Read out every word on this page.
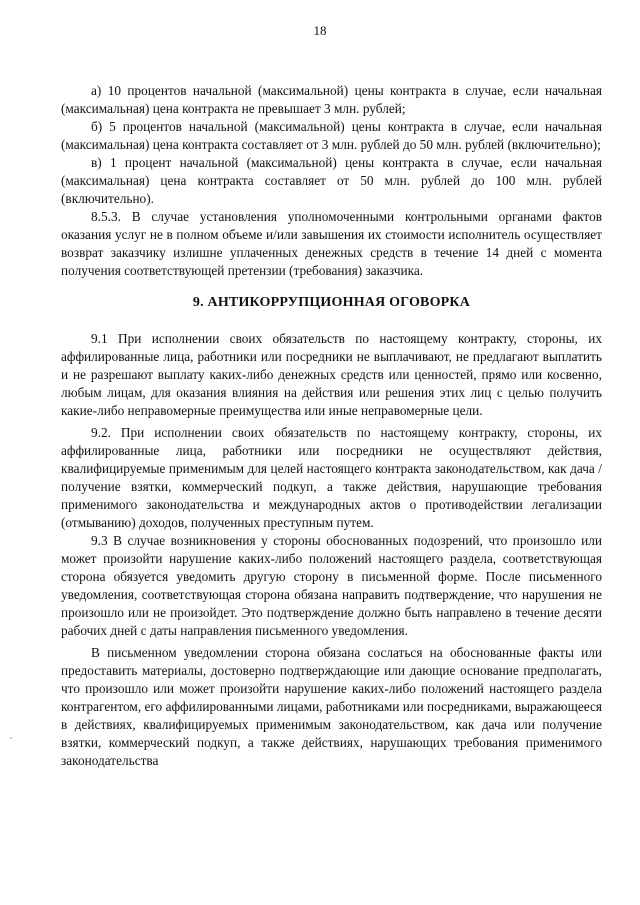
18

а) 10 процентов начальной (максимальной) цены контракта в случае, если начальная (максимальная) цена контракта не превышает 3 млн. рублей;

б) 5 процентов начальной (максимальной) цены контракта в случае, если начальная (максимальная) цена контракта составляет от 3 млн. рублей до 50 млн. рублей (включительно);

в) 1 процент начальной (максимальной) цены контракта в случае, если начальная (максимальная) цена контракта составляет от 50 млн. рублей до 100 млн. рублей (включительно).

8.5.3. В случае установления уполномоченными контрольными органами фактов оказания услуг не в полном объеме и/или завышения их стоимости исполнитель осуществляет возврат заказчику излишне уплаченных денежных средств в течение 14 дней с момента получения соответствующей претензии (требования) заказчика.

9. АНТИКОРРУПЦИОННАЯ ОГОВОРКА

9.1 При исполнении своих обязательств по настоящему контракту, стороны, их аффилированные лица, работники или посредники не выплачивают, не предлагают выплатить и не разрешают выплату каких-либо денежных средств или ценностей, прямо или косвенно, любым лицам, для оказания влияния на действия или решения этих лиц с целью получить какие-либо неправомерные преимущества или иные неправомерные цели.

9.2. При исполнении своих обязательств по настоящему контракту, стороны, их аффилированные лица, работники или посредники не осуществляют действия, квалифицируемые применимым для целей настоящего контракта законодательством, как дача / получение взятки, коммерческий подкуп, а также действия, нарушающие требования применимого законодательства и международных актов о противодействии легализации (отмыванию) доходов, полученных преступным путем.

9.3 В случае возникновения у стороны обоснованных подозрений, что произошло или может произойти нарушение каких-либо положений настоящего раздела, соответствующая сторона обязуется уведомить другую сторону в письменной форме. После письменного уведомления, соответствующая сторона обязана направить подтверждение, что нарушения не произошло или не произойдет. Это подтверждение должно быть направлено в течение десяти рабочих дней с даты направления письменного уведомления.

В письменном уведомлении сторона обязана сослаться на обоснованные факты или предоставить материалы, достоверно подтверждающие или дающие основание предполагать, что произошло или может произойти нарушение каких-либо положений настоящего раздела контрагентом, его аффилированными лицами, работниками или посредниками, выражающееся в действиях, квалифицируемых применимым законодательством, как дача или получение взятки, коммерческий подкуп, а также действиях, нарушающих требования применимого законодательства
